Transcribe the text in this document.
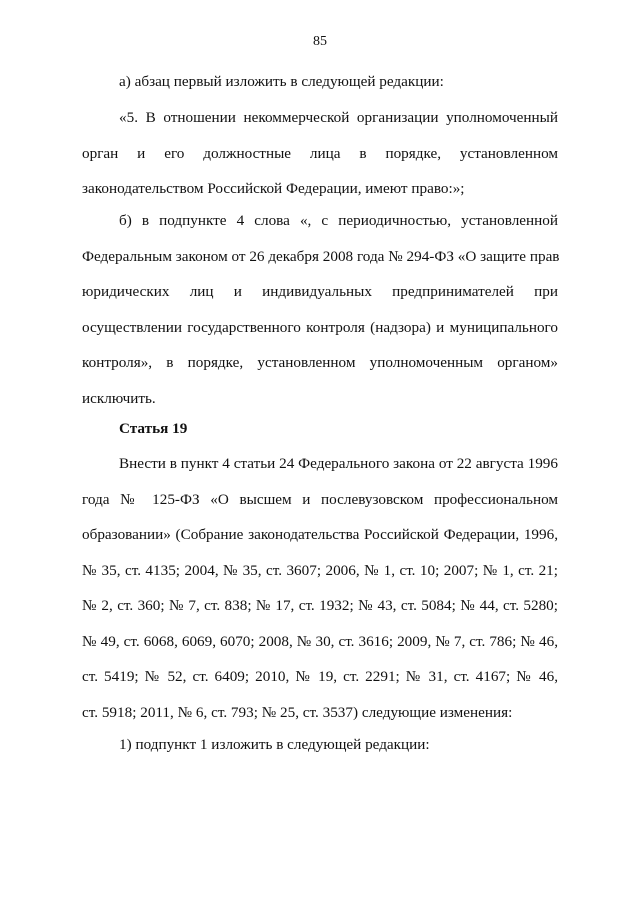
85
а) абзац первый изложить в следующей редакции:
«5. В отношении некоммерческой организации уполномоченный
орган и его должностные лица в порядке, установленном
законодательством Российской Федерации, имеют право:»;
б) в подпункте 4 слова «, с периодичностью, установленной
Федеральным законом от 26 декабря 2008 года № 294-ФЗ «О защите прав
юридических лиц и индивидуальных предпринимателей при
осуществлении государственного контроля (надзора) и муниципального
контроля», в порядке, установленном уполномоченным органом»
исключить.
Статья 19
Внести в пункт 4 статьи 24 Федерального закона от 22 августа 1996
года № 125-ФЗ «О высшем и послевузовском профессиональном
образовании» (Собрание законодательства Российской Федерации, 1996,
№ 35, ст. 4135; 2004, № 35, ст. 3607; 2006, № 1, ст. 10; 2007; № 1, ст. 21;
№ 2, ст. 360; № 7, ст. 838; № 17, ст. 1932; № 43, ст. 5084; № 44, ст. 5280;
№ 49, ст. 6068, 6069, 6070; 2008, № 30, ст. 3616; 2009, № 7, ст. 786; № 46,
ст. 5419; № 52, ст. 6409; 2010, № 19, ст. 2291; № 31, ст. 4167; № 46,
ст. 5918; 2011, № 6, ст. 793; № 25, ст. 3537) следующие изменения:
1) подпункт 1 изложить в следующей редакции:
